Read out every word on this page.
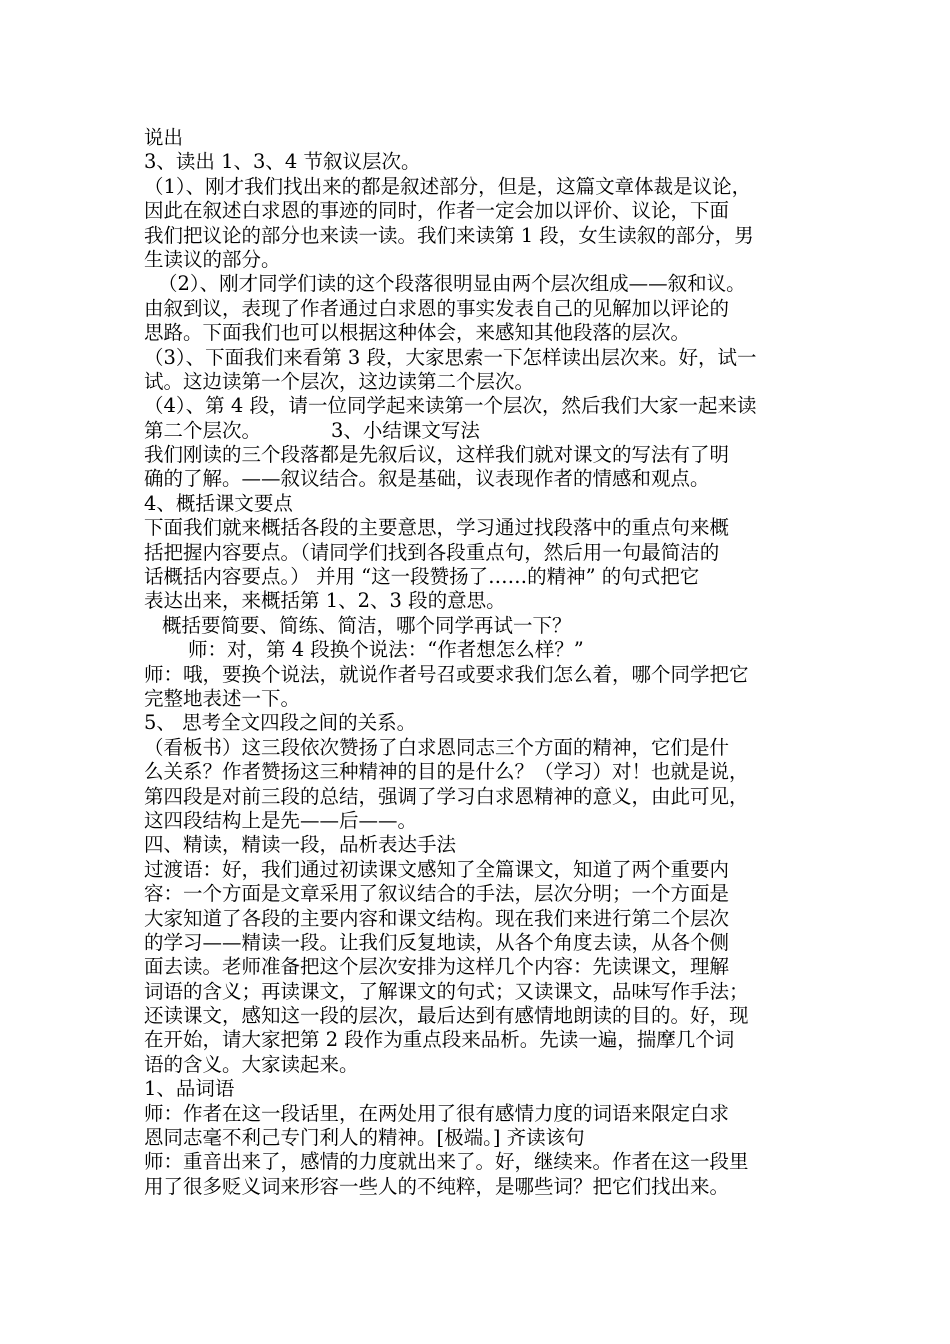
说出
3、读出 1、3、4 节叙议层次。
（1）、刚才我们找出来的都是叙述部分，但是，这篇文章体裁是议论，
因此在叙述白求恩的事迹的同时，作者一定会加以评价、议论，下面
我们把议论的部分也来读一读。我们来读第 1 段，女生读叙的部分，男
生读议的部分。
（2）、刚才同学们读的这个段落很明显由两个层次组成——叙和议。
由叙到议，表现了作者通过白求恩的事实发表自己的见解加以评论的
思路。下面我们也可以根据这种体会，来感知其他段落的层次。
（3）、下面我们来看第 3 段，大家思索一下怎样读出层次来。好，试一
试。这边读第一个层次，这边读第二个层次。
（4）、第 4 段，请一位同学起来读第一个层次，然后我们大家一起来读
第二个层次。	3、小结课文写法
我们刚读的三个段落都是先叙后议，这样我们就对课文的写法有了明
确的了解。——叙议结合。叙是基础，议表现作者的情感和观点。
4、概括课文要点
下面我们就来概括各段的主要意思，学习通过找段落中的重点句来概
括把握内容要点。（请同学们找到各段重点句，然后用一句最简洁的
话概括内容要点。） 并用 “这一段赞扬了……的精神” 的句式把它
表达出来，来概括第 1、2、3 段的意思。
概括要简要、简练、简洁，哪个同学再试一下？
师：对，第 4 段换个说法：“作者想怎么样？”
师：哦，要换个说法，就说作者号召或要求我们怎么着，哪个同学把它
完整地表述一下。
5、 思考全文四段之间的关系。
（看板书）这三段依次赞扬了白求恩同志三个方面的精神，它们是什
么关系？作者赞扬这三种精神的目的是什么？（学习）对！也就是说，
第四段是对前三段的总结，强调了学习白求恩精神的意义，由此可见，
这四段结构上是先——后——。
四、精读，精读一段，品析表达手法
过渡语：好，我们通过初读课文感知了全篇课文，知道了两个重要内
容：一个方面是文章采用了叙议结合的手法，层次分明；一个方面是
大家知道了各段的主要内容和课文结构。现在我们来进行第二个层次
的学习——精读一段。让我们反复地读，从各个角度去读，从各个侧
面去读。老师准备把这个层次安排为这样几个内容：先读课文，理解
词语的含义；再读课文，了解课文的句式；又读课文，品味写作手法；
还读课文，感知这一段的层次，最后达到有感情地朗读的目的。好，现
在开始，请大家把第 2 段作为重点段来品析。先读一遍，揣摩几个词
语的含义。大家读起来。
1、品词语
师：作者在这一段话里，在两处用了很有感情力度的词语来限定白求
恩同志毫不利己专门利人的精神。[极端。] 齐读该句
师：重音出来了，感情的力度就出来了。好，继续来。作者在这一段里
用了很多贬义词来形容一些人的不纯粹，是哪些词？把它们找出来。
